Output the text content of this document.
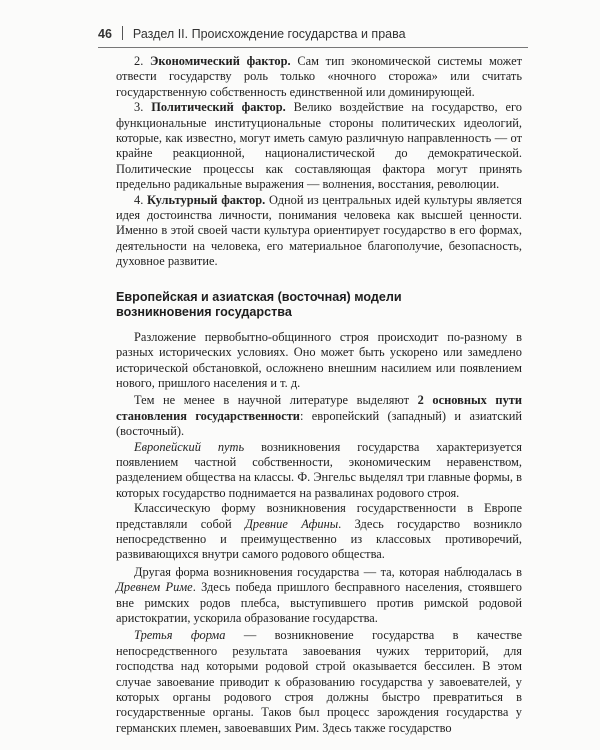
46 Раздел II. Происхождение государства и права

2. Экономический фактор. Сам тип экономической системы может отвести государству роль только «ночного сторожа» или считать государственную собственность единственной или доминирующей.

3. Политический фактор. Велико воздействие на государство, его функциональные институциональные стороны политических идеологий, которые, как известно, могут иметь самую различную направленность — от крайне реакционной, националистической до демократической. Политические процессы как составляющая фактора могут принять предельно радикальные выражения — волнения, восстания, революции.

4. Культурный фактор. Одной из центральных идей культуры является идея достоинства личности, понимания человека как высшей ценности. Именно в этой своей части культура ориентирует государство в его формах, деятельности на человека, его материальное благополучие, безопасность, духовное развитие.

Европейская и азиатская (восточная) модели
возникновения государства

Разложение первобытно-общинного строя происходит по-разному в разных исторических условиях. Оно может быть ускорено или замедлено исторической обстановкой, осложнено внешним насилием или появлением нового, пришлого населения и т. д.

Тем не менее в научной литературе выделяют 2 основных пути становления государственности: европейский (западный) и азиатский (восточный).

Европейский путь возникновения государства характеризуется появлением частной собственности, экономическим неравенством, разделением общества на классы. Ф. Энгельс выделял три главные формы, в которых государство поднимается на развалинах родового строя.

Классическую форму возникновения государственности в Европе представляли собой Древние Афины. Здесь государство возникло непосредственно и преимущественно из классовых противоречий, развивающихся внутри самого родового общества.

Другая форма возникновения государства — та, которая наблюдалась в Древнем Риме. Здесь победа пришлого бесправного населения, стоявшего вне римских родов плебса, выступившего против римской родовой аристократии, ускорила образование государства.

Третья форма — возникновение государства в качестве непосредственного результата завоевания чужих территорий, для господства над которыми родовой строй оказывается бессилен. В этом случае завоевание приводит к образованию государства у завоевателей, у которых органы родового строя должны быстро превратиться в государственные органы. Таков был процесс зарождения государства у германских племен, завоевавших Рим. Здесь также государство
